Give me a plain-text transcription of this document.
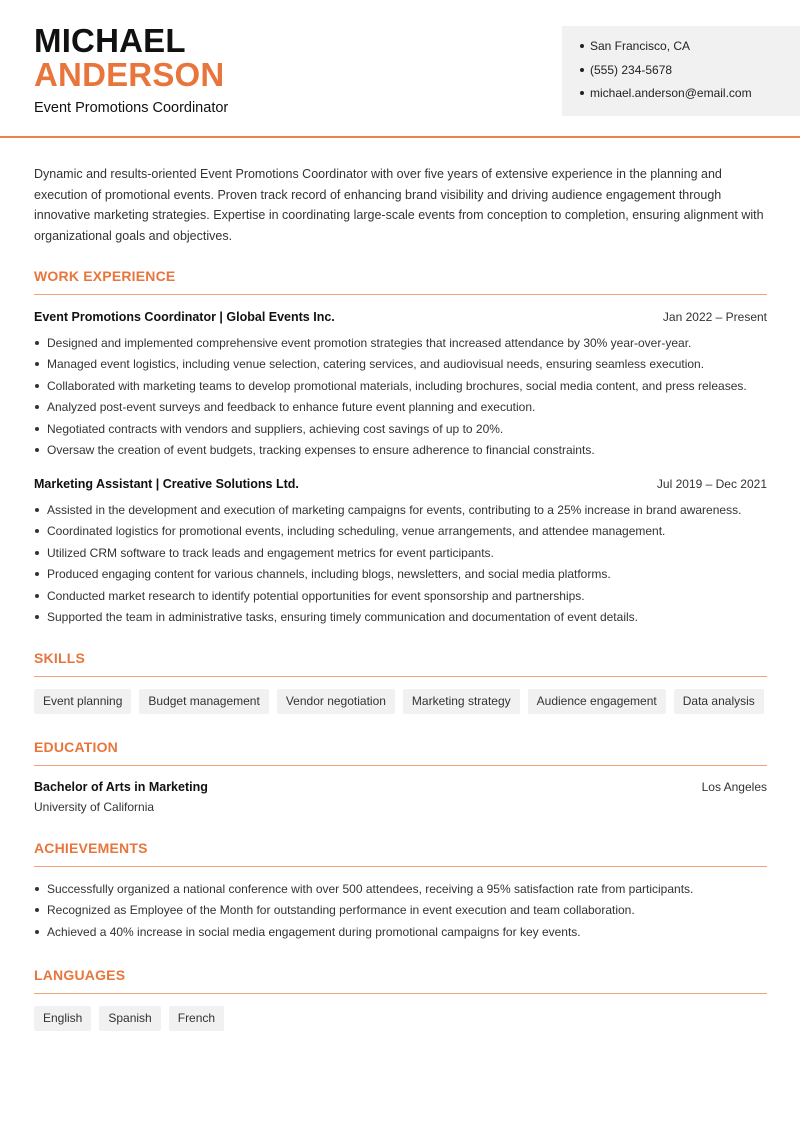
MICHAEL
ANDERSON
Event Promotions Coordinator
San Francisco, CA
(555) 234-5678
michael.anderson@email.com

Dynamic and results-oriented Event Promotions Coordinator with over five years of extensive experience in the planning and execution of promotional events. Proven track record of enhancing brand visibility and driving audience engagement through innovative marketing strategies. Expertise in coordinating large-scale events from conception to completion, ensuring alignment with organizational goals and objectives.

WORK EXPERIENCE
Event Promotions Coordinator | Global Events Inc.	Jan 2022 – Present
Designed and implemented comprehensive event promotion strategies that increased attendance by 30% year-over-year.
Managed event logistics, including venue selection, catering services, and audiovisual needs, ensuring seamless execution.
Collaborated with marketing teams to develop promotional materials, including brochures, social media content, and press releases.
Analyzed post-event surveys and feedback to enhance future event planning and execution.
Negotiated contracts with vendors and suppliers, achieving cost savings of up to 20%.
Oversaw the creation of event budgets, tracking expenses to ensure adherence to financial constraints.
Marketing Assistant | Creative Solutions Ltd.	Jul 2019 – Dec 2021
Assisted in the development and execution of marketing campaigns for events, contributing to a 25% increase in brand awareness.
Coordinated logistics for promotional events, including scheduling, venue arrangements, and attendee management.
Utilized CRM software to track leads and engagement metrics for event participants.
Produced engaging content for various channels, including blogs, newsletters, and social media platforms.
Conducted market research to identify potential opportunities for event sponsorship and partnerships.
Supported the team in administrative tasks, ensuring timely communication and documentation of event details.
SKILLS
Event planning	Budget management	Vendor negotiation	Marketing strategy	Audience engagement	Data analysis
EDUCATION
Bachelor of Arts in Marketing	Los Angeles
University of California
ACHIEVEMENTS
Successfully organized a national conference with over 500 attendees, receiving a 95% satisfaction rate from participants.
Recognized as Employee of the Month for outstanding performance in event execution and team collaboration.
Achieved a 40% increase in social media engagement during promotional campaigns for key events.
LANGUAGES
English	Spanish	French
